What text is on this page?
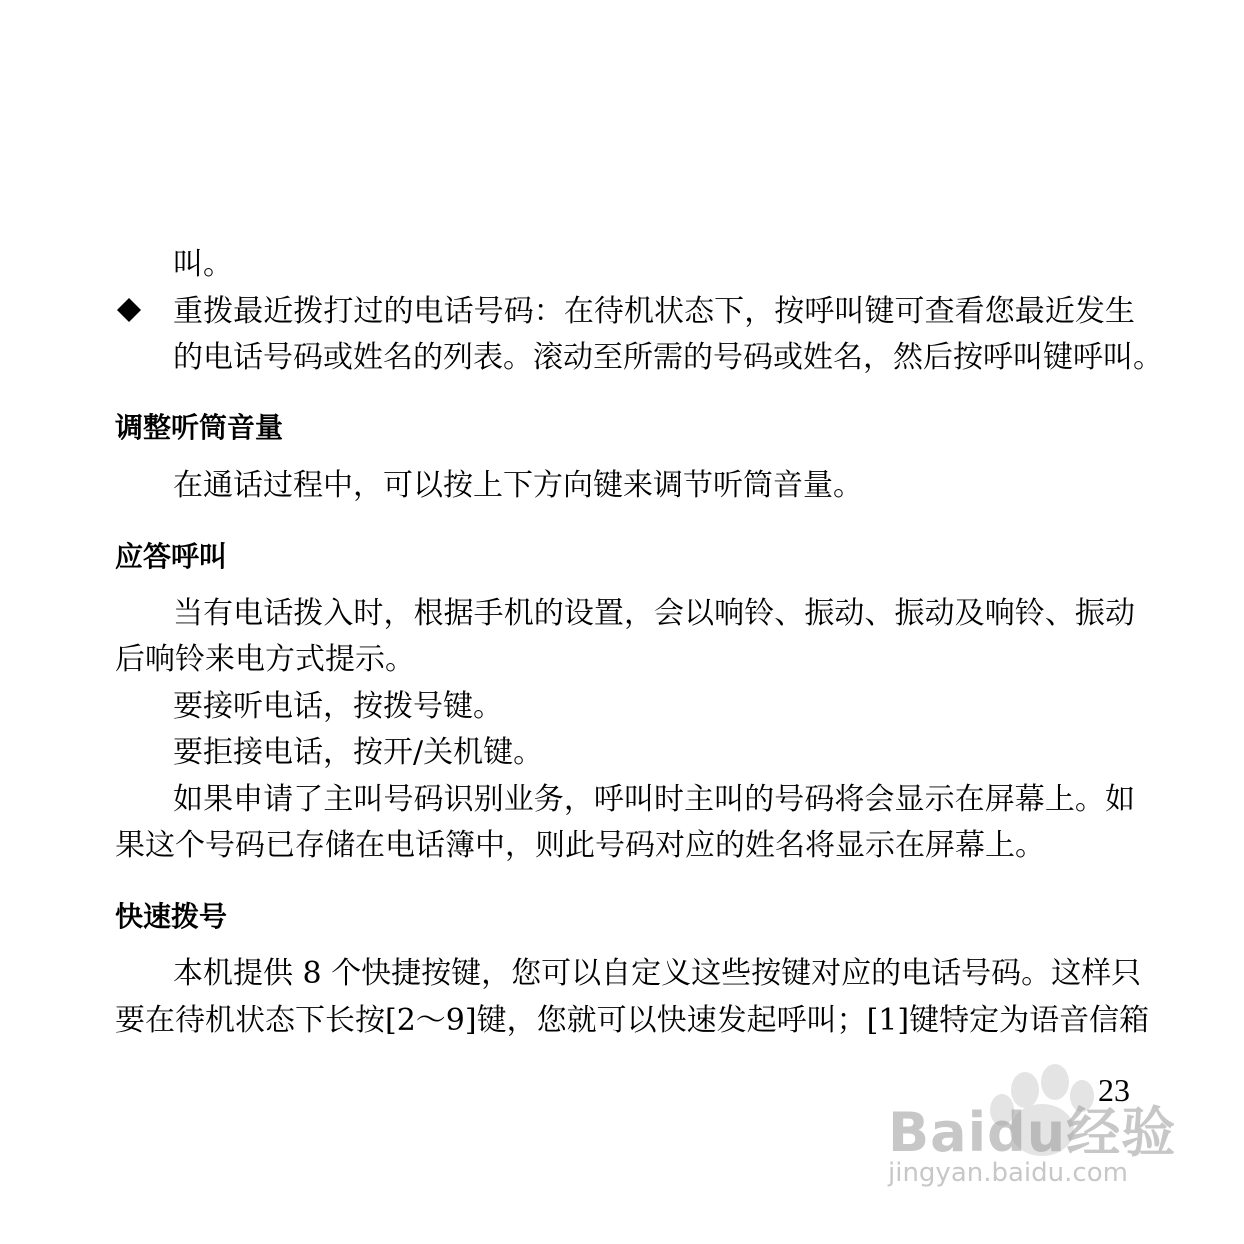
叫。
重拨最近拨打过的电话号码：在待机状态下，按呼叫键可查看您最近发生
的电话号码或姓名的列表。滚动至所需的号码或姓名，然后按呼叫键呼叫。
调整听筒音量
在通话过程中，可以按上下方向键来调节听筒音量。
应答呼叫
当有电话拨入时，根据手机的设置，会以响铃、振动、振动及响铃、振动
后响铃来电方式提示。
要接听电话，按拨号键。
要拒接电话，按开/关机键。
如果申请了主叫号码识别业务，呼叫时主叫的号码将会显示在屏幕上。如
果这个号码已存储在电话簿中，则此号码对应的姓名将显示在屏幕上。
快速拨号
本机提供 8 个快捷按键，您可以自定义这些按键对应的电话号码。这样只
要在待机状态下长按[2～9]键，您就可以快速发起呼叫；[1]键特定为语音信箱
Baidu经验
jingyan.baidu.com
23
